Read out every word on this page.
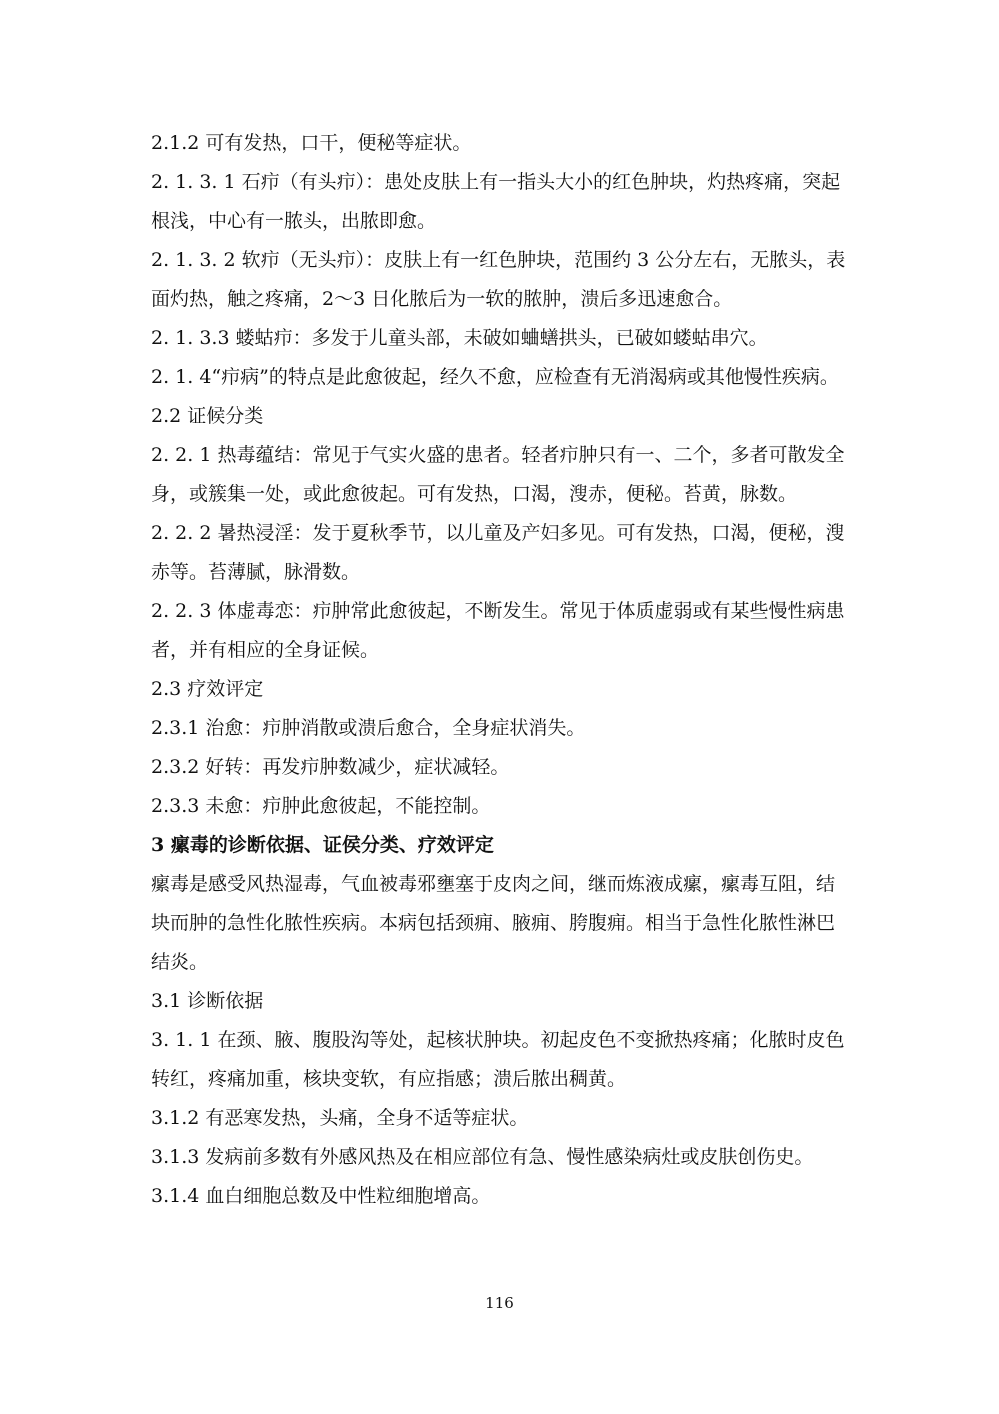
2.1.2 可有发热，口干，便秘等症状。

2. 1. 3. 1 石疖（有头疖）：患处皮肤上有一指头大小的红色肿块，灼热疼痛，突起根浅，中心有一脓头，出脓即愈。

2. 1. 3. 2 软疖（无头疖）：皮肤上有一红色肿块，范围约 3 公分左右，无脓头，表面灼热，触之疼痛，2～3 日化脓后为一软的脓肿，溃后多迅速愈合。

2. 1. 3.3 蝼蛄疖：多发于儿童头部，未破如蛐蟮拱头，已破如蝼蛄串穴。

2. 1. 4“疖病”的特点是此愈彼起，经久不愈，应检查有无消渴病或其他慢性疾病。

2.2 证候分类

2. 2. 1 热毒蕴结：常见于气实火盛的患者。轻者疖肿只有一、二个，多者可散发全身，或簇集一处，或此愈彼起。可有发热，口渴，溲赤，便秘。苔黄，脉数。

2. 2. 2 暑热浸淫：发于夏秋季节，以儿童及产妇多见。可有发热，口渴，便秘，溲赤等。苔薄腻，脉滑数。

2. 2. 3 体虚毒恋：疖肿常此愈彼起，不断发生。常见于体质虚弱或有某些慢性病患者，并有相应的全身证候。

2.3 疗效评定

2.3.1 治愈：疖肿消散或溃后愈合，全身症状消失。

2.3.2 好转：再发疖肿数减少，症状减轻。

2.3.3 未愈：疖肿此愈彼起，不能控制。

3 瘰毒的诊断依据、证侯分类、疗效评定

瘰毒是感受风热湿毒，气血被毒邪壅塞于皮肉之间，继而炼液成瘰，瘰毒互阻，结块而肿的急性化脓性疾病。本病包括颈痈、腋痈、胯腹痈。相当于急性化脓性淋巴结炎。

3.1 诊断依据

3. 1. 1 在颈、腋、腹股沟等处，起核状肿块。初起皮色不变掀热疼痛；化脓时皮色转红，疼痛加重，核块变软，有应指感；溃后脓出稠黄。

3.1.2 有恶寒发热，头痛，全身不适等症状。

3.1.3 发病前多数有外感风热及在相应部位有急、慢性感染病灶或皮肤创伤史。

3.1.4 血白细胞总数及中性粒细胞增高。

116
